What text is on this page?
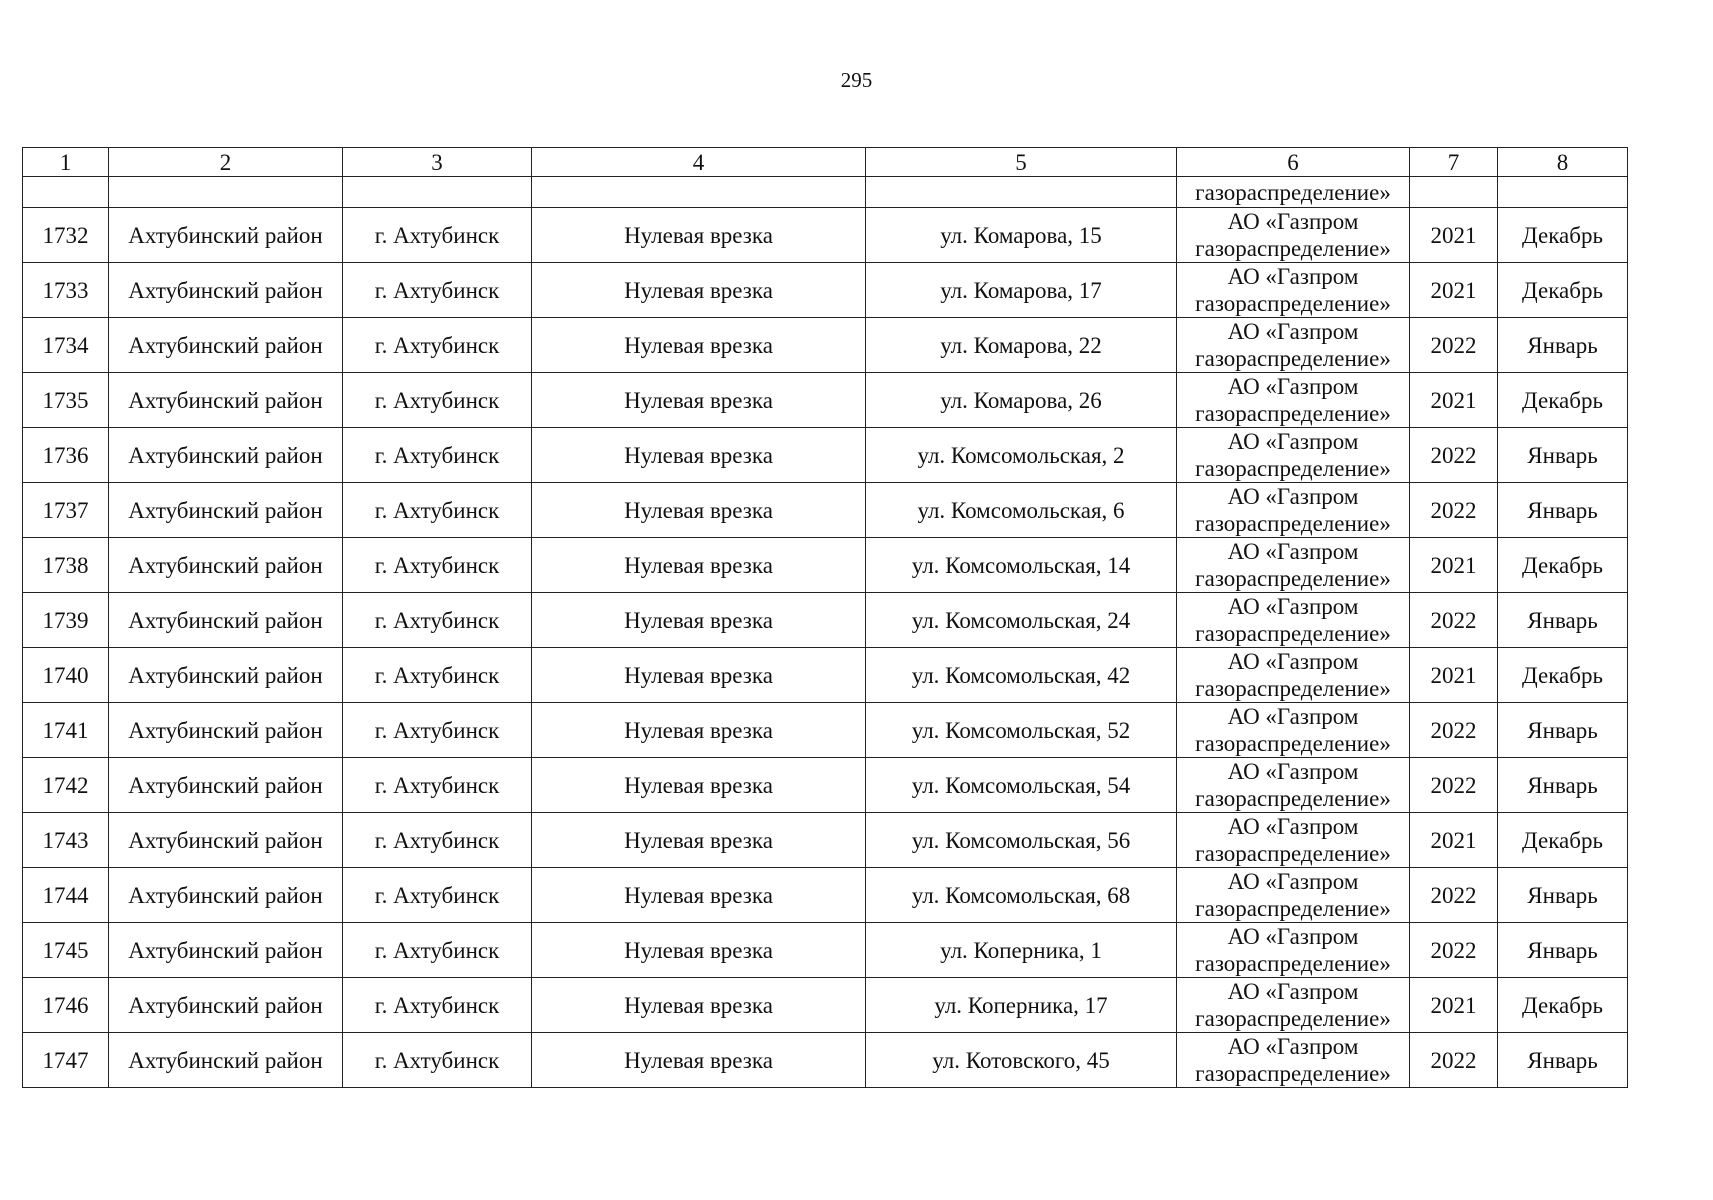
295
1	2	3	4	5	6	7	8
					газораспределение»		
1732	Ахтубинский район	г. Ахтубинск	Нулевая врезка	ул. Комарова, 15	АО «Газпром
газораспределение»	2021	Декабрь
1733	Ахтубинский район	г. Ахтубинск	Нулевая врезка	ул. Комарова, 17	АО «Газпром
газораспределение»	2021	Декабрь
1734	Ахтубинский район	г. Ахтубинск	Нулевая врезка	ул. Комарова, 22	АО «Газпром
газораспределение»	2022	Январь
1735	Ахтубинский район	г. Ахтубинск	Нулевая врезка	ул. Комарова, 26	АО «Газпром
газораспределение»	2021	Декабрь
1736	Ахтубинский район	г. Ахтубинск	Нулевая врезка	ул. Комсомольская, 2	АО «Газпром
газораспределение»	2022	Январь
1737	Ахтубинский район	г. Ахтубинск	Нулевая врезка	ул. Комсомольская, 6	АО «Газпром
газораспределение»	2022	Январь
1738	Ахтубинский район	г. Ахтубинск	Нулевая врезка	ул. Комсомольская, 14	АО «Газпром
газораспределение»	2021	Декабрь
1739	Ахтубинский район	г. Ахтубинск	Нулевая врезка	ул. Комсомольская, 24	АО «Газпром
газораспределение»	2022	Январь
1740	Ахтубинский район	г. Ахтубинск	Нулевая врезка	ул. Комсомольская, 42	АО «Газпром
газораспределение»	2021	Декабрь
1741	Ахтубинский район	г. Ахтубинск	Нулевая врезка	ул. Комсомольская, 52	АО «Газпром
газораспределение»	2022	Январь
1742	Ахтубинский район	г. Ахтубинск	Нулевая врезка	ул. Комсомольская, 54	АО «Газпром
газораспределение»	2022	Январь
1743	Ахтубинский район	г. Ахтубинск	Нулевая врезка	ул. Комсомольская, 56	АО «Газпром
газораспределение»	2021	Декабрь
1744	Ахтубинский район	г. Ахтубинск	Нулевая врезка	ул. Комсомольская, 68	АО «Газпром
газораспределение»	2022	Январь
1745	Ахтубинский район	г. Ахтубинск	Нулевая врезка	ул. Коперника, 1	АО «Газпром
газораспределение»	2022	Январь
1746	Ахтубинский район	г. Ахтубинск	Нулевая врезка	ул. Коперника, 17	АО «Газпром
газораспределение»	2021	Декабрь
1747	Ахтубинский район	г. Ахтубинск	Нулевая врезка	ул. Котовского, 45	АО «Газпром
газораспределение»	2022	Январь
